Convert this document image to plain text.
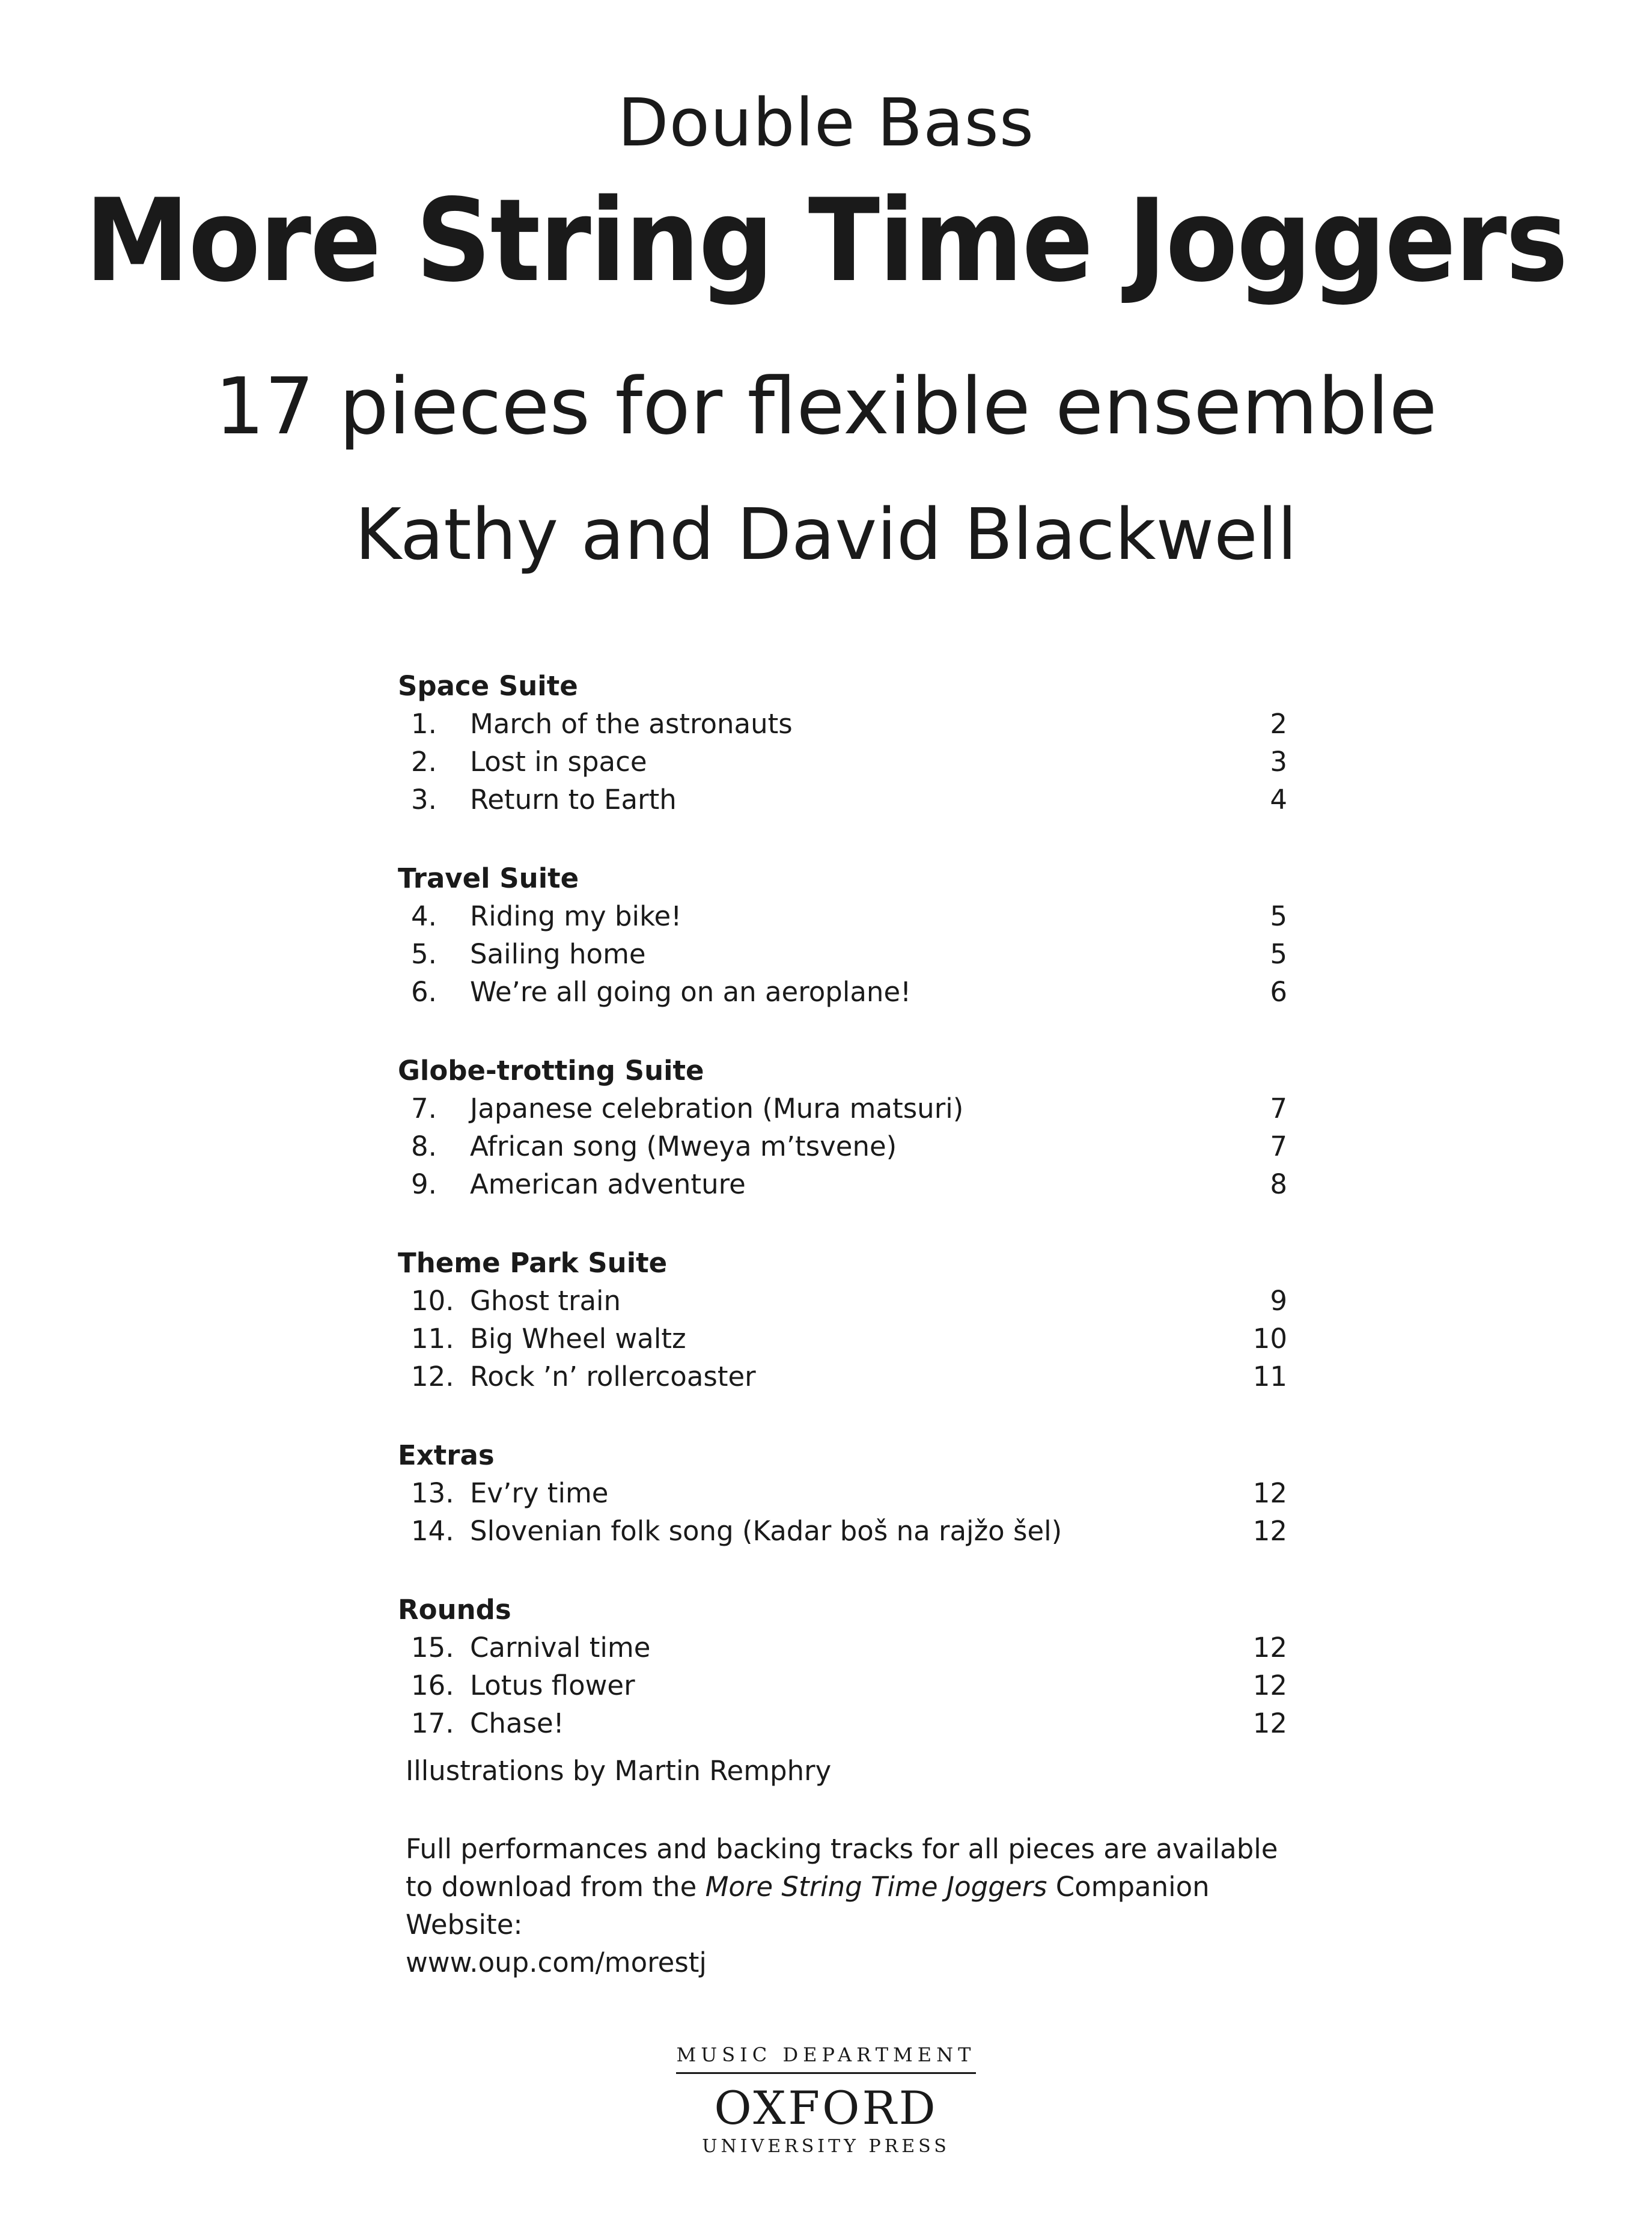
Double Bass
More String Time Joggers
17 pieces for flexible ensemble
Kathy and David Blackwell
Space Suite
1.	March of the astronauts	2
2.	Lost in space	3
3.	Return to Earth	4
Travel Suite
4.	Riding my bike!	5
5.	Sailing home	5
6.	We’re all going on an aeroplane!	6
Globe-trotting Suite
7.	Japanese celebration (Mura matsuri)	7
8.	African song (Mweya m’tsvene)	7
9.	American adventure	8
Theme Park Suite
10. Ghost train	9
11. Big Wheel waltz	10
12. Rock ’n’ rollercoaster	11
Extras
13. Ev’ry time	12
14. Slovenian folk song (Kadar boš na rajžo šel)	12
Rounds
15. Carnival time	12
16. Lotus flower	12
17. Chase!	12
Illustrations by Martin Remphry
Full performances and backing tracks for all pieces are available to download from the More String Time Joggers Companion Website:
www.oup.com/morestj
MUSIC DEPARTMENT
OXFORD
UNIVERSITY PRESS
